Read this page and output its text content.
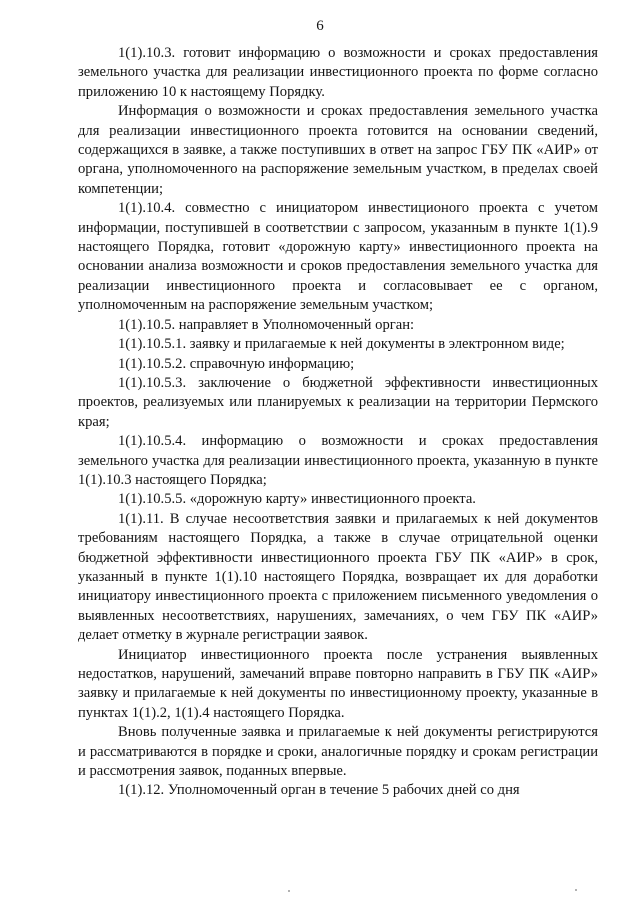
6

1(1).10.3. готовит информацию о возможности и сроках предоставления земельного участка для реализации инвестиционного проекта по форме согласно приложению 10 к настоящему Порядку.

Информация о возможности и сроках предоставления земельного участка для реализации инвестиционного проекта готовится на основании сведений, содержащихся в заявке, а также поступивших в ответ на запрос ГБУ ПК «АИР» от органа, уполномоченного на распоряжение земельным участком, в пределах своей компетенции;

1(1).10.4. совместно с инициатором инвестиционого проекта с учетом информации, поступившей в соответствии с запросом, указанным в пункте 1(1).9 настоящего Порядка, готовит «дорожную карту» инвестиционного проекта на основании анализа возможности и сроков предоставления земельного участка для реализации инвестиционного проекта и согласовывает ее с органом, уполномоченным на распоряжение земельным участком;

1(1).10.5. направляет в Уполномоченный орган:

1(1).10.5.1. заявку и прилагаемые к ней документы в электронном виде;

1(1).10.5.2. справочную информацию;

1(1).10.5.3. заключение о бюджетной эффективности инвестиционных проектов, реализуемых или планируемых к реализации на территории Пермского края;

1(1).10.5.4. информацию о возможности и сроках предоставления земельного участка для реализации инвестиционного проекта, указанную в пункте 1(1).10.3 настоящего Порядка;

1(1).10.5.5. «дорожную карту» инвестиционного проекта.

1(1).11. В случае несоответствия заявки и прилагаемых к ней документов требованиям настоящего Порядка, а также в случае отрицательной оценки бюджетной эффективности инвестиционного проекта ГБУ ПК «АИР» в срок, указанный в пункте 1(1).10 настоящего Порядка, возвращает их для доработки инициатору инвестиционного проекта с приложением письменного уведомления о выявленных несоответствиях, нарушениях, замечаниях, о чем ГБУ ПК «АИР» делает отметку в журнале регистрации заявок.

Инициатор инвестиционного проекта после устранения выявленных недостатков, нарушений, замечаний вправе повторно направить в ГБУ ПК «АИР» заявку и прилагаемые к ней документы по инвестиционному проекту, указанные в пунктах 1(1).2, 1(1).4 настоящего Порядка.

Вновь полученные заявка и прилагаемые к ней документы регистрируются и рассматриваются в порядке и сроки, аналогичные порядку и срокам регистрации и рассмотрения заявок, поданных впервые.

1(1).12. Уполномоченный орган в течение 5 рабочих дней со дня
